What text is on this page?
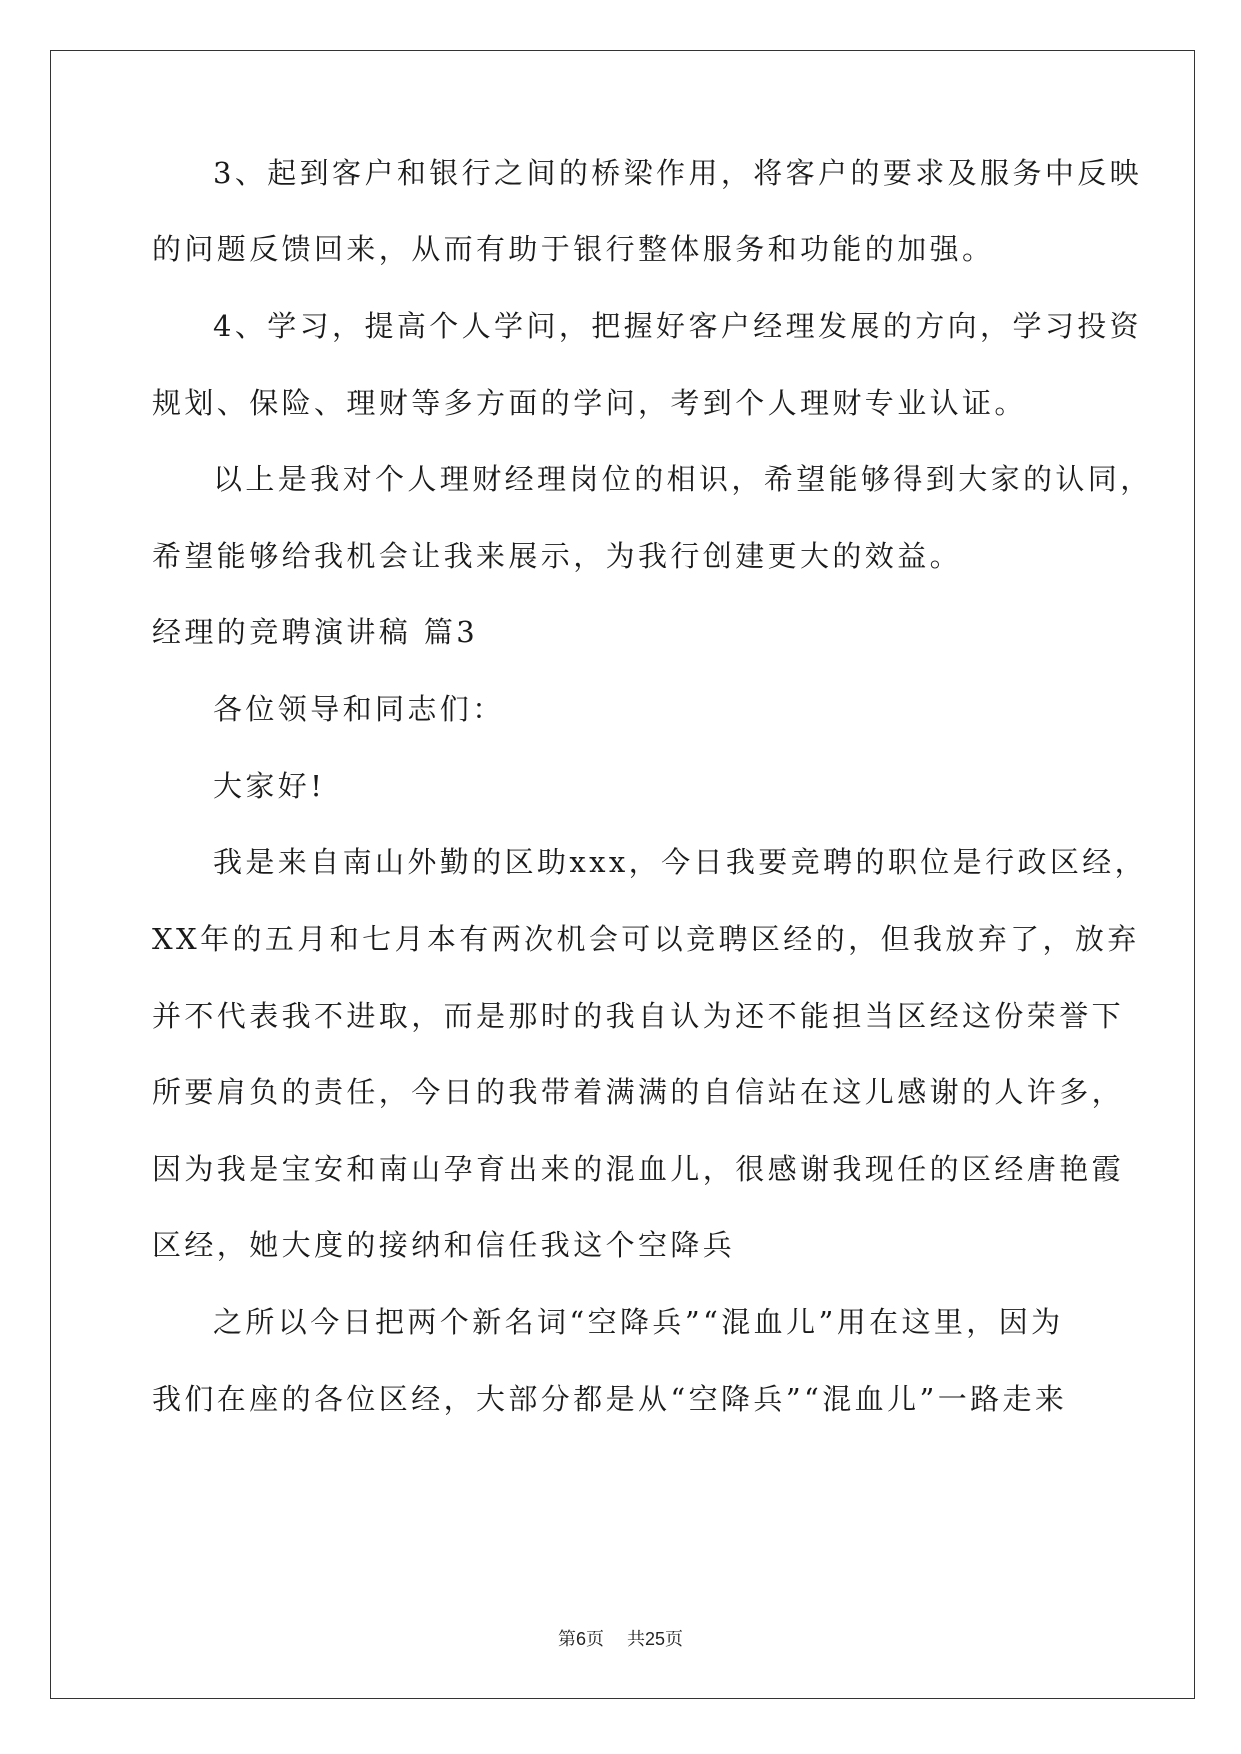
3、起到客户和银行之间的桥梁作用，将客户的要求及服务中反映
的问题反馈回来，从而有助于银行整体服务和功能的加强。
4、学习，提高个人学问，把握好客户经理发展的方向，学习投资
规划、保险、理财等多方面的学问，考到个人理财专业认证。
以上是我对个人理财经理岗位的相识，希望能够得到大家的认同，
希望能够给我机会让我来展示，为我行创建更大的效益。
经理的竞聘演讲稿 篇3
各位领导和同志们：
大家好!
我是来自南山外勤的区助xxx，今日我要竞聘的职位是行政区经，
XX年的五月和七月本有两次机会可以竞聘区经的，但我放弃了，放弃
并不代表我不进取，而是那时的我自认为还不能担当区经这份荣誉下
所要肩负的责任，今日的我带着满满的自信站在这儿感谢的人许多，
因为我是宝安和南山孕育出来的混血儿，很感谢我现任的区经唐艳霞
区经，她大度的接纳和信任我这个空降兵
之所以今日把两个新名词“空降兵”“混血儿”用在这里，因为
我们在座的各位区经，大部分都是从“空降兵”“混血儿”一路走来
第6页 共25页
